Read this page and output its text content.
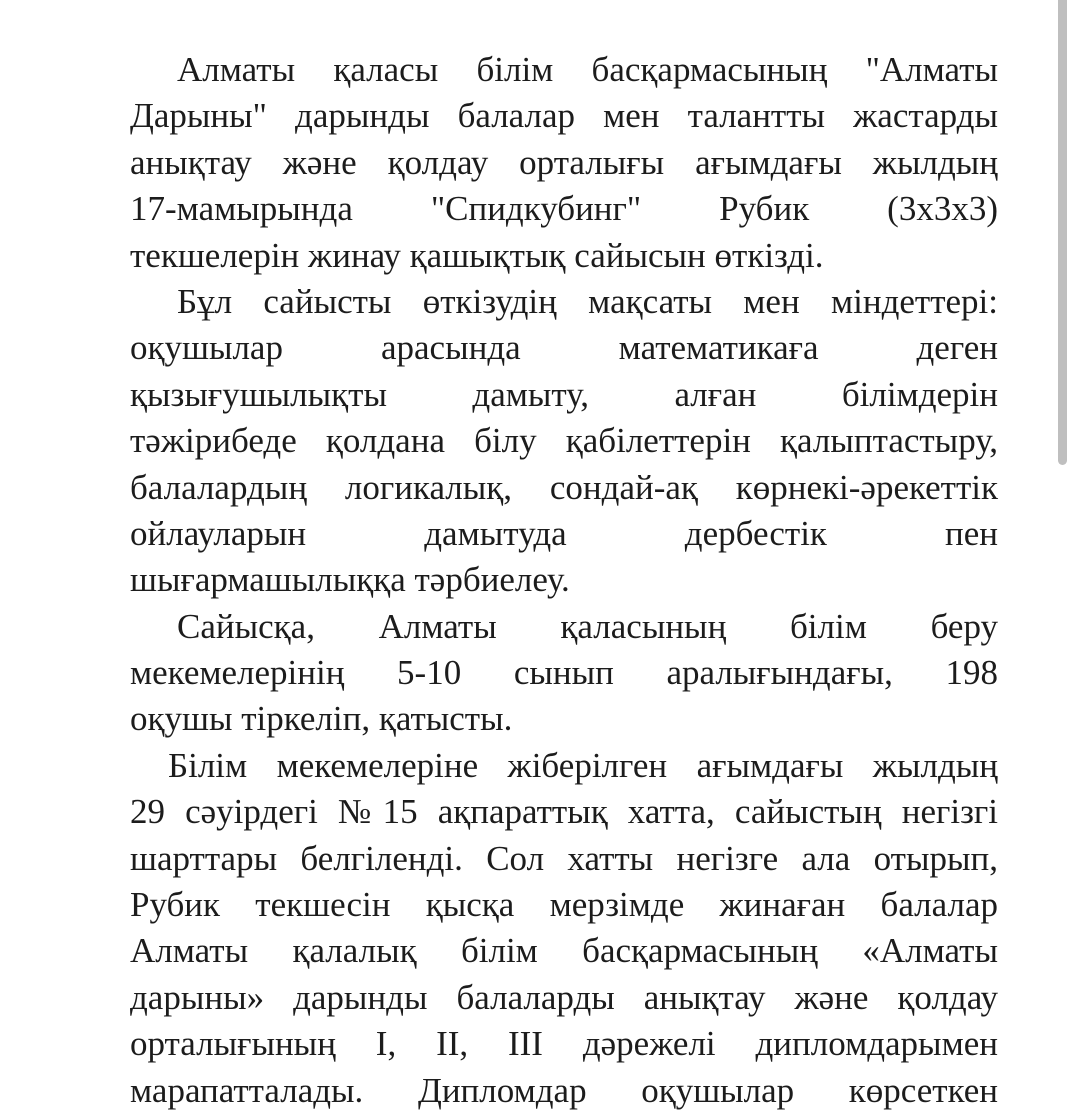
Алматы қаласы білім басқармасының "Алматы
Дарыны" дарынды балалар мен талантты жастарды
анықтау және қолдау орталығы ағымдағы жылдың
17-мамырында "Спидкубинг" Рубик (3x3x3)
текшелерін жинау қашықтық сайысын өткізді.
Бұл сайысты өткізудің мақсаты мен міндеттері:
оқушылар арасында математикаға деген
қызығушылықты дамыту, алған білімдерін
тәжірибеде қолдана білу қабілеттерін қалыптастыру,
балалардың логикалық, сондай-ақ көрнекі-әрекеттік
ойлауларын дамытуда дербестік пен
шығармашылыққа тәрбиелеу.
Сайысқа, Алматы қаласының білім беру
мекемелерінің 5-10 сынып аралығындағы, 198
оқушы тіркеліп, қатысты.
Білім мекемелеріне жіберілген ағымдағы жылдың
29 сәуірдегі №15 ақпараттық хатта, сайыстың негізгі
шарттары белгіленді. Сол хатты негізге ала отырып,
Рубик текшесін қысқа мерзімде жинаған балалар
Алматы қалалық білім басқармасының «Алматы
дарыны» дарынды балаларды анықтау және қолдау
орталығының I, II, III дәрежелі дипломдарымен
марапатталады. Дипломдар оқушылар көрсеткен
